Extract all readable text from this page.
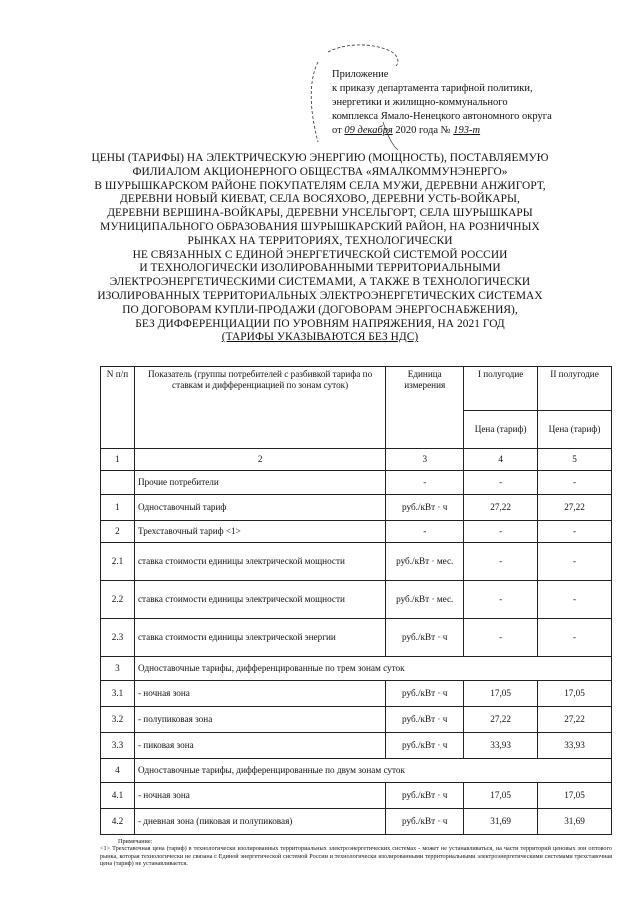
Приложение
к приказу департамента тарифной политики,
энергетики и жилищно-коммунального
комплекса Ямало-Ненецкого автономного округа
от 09 декабря 2020 года № 193-т
ЦЕНЫ (ТАРИФЫ) НА ЭЛЕКТРИЧЕСКУЮ ЭНЕРГИЮ (МОЩНОСТЬ), ПОСТАВЛЯЕМУЮ
ФИЛИАЛОМ АКЦИОНЕРНОГО ОБЩЕСТВА «ЯМАЛКОММУНЭНЕРГО»
В ШУРЫШКАРСКОМ РАЙОНЕ ПОКУПАТЕЛЯМ СЕЛА МУЖИ, ДЕРЕВНИ АНЖИГОРТ,
ДЕРЕВНИ НОВЫЙ КИЕВАТ, СЕЛА ВОСЯХОВО, ДЕРЕВНИ УСТЬ-ВОЙКАРЫ,
ДЕРЕВНИ ВЕРШИНА-ВОЙКАРЫ, ДЕРЕВНИ УНСЕЛЬГОРТ, СЕЛА ШУРЫШКАРЫ
МУНИЦИПАЛЬНОГО ОБРАЗОВАНИЯ ШУРЫШКАРСКИЙ РАЙОН, НА РОЗНИЧНЫХ
РЫНКАХ НА ТЕРРИТОРИЯХ, ТЕХНОЛОГИЧЕСКИ
НЕ СВЯЗАННЫХ С ЕДИНОЙ ЭНЕРГЕТИЧЕСКОЙ СИСТЕМОЙ РОССИИ
И ТЕХНОЛОГИЧЕСКИ ИЗОЛИРОВАННЫМИ ТЕРРИТОРИАЛЬНЫМИ
ЭЛЕКТРОЭНЕРГЕТИЧЕСКИМИ СИСТЕМАМИ, А ТАКЖЕ В ТЕХНОЛОГИЧЕСКИ
ИЗОЛИРОВАННЫХ ТЕРРИТОРИАЛЬНЫХ ЭЛЕКТРОЭНЕРГЕТИЧЕСКИХ СИСТЕМАХ
ПО ДОГОВОРАМ КУПЛИ-ПРОДАЖИ (ДОГОВОРАМ ЭНЕРГОСНАБЖЕНИЯ),
БЕЗ ДИФФЕРЕНЦИАЦИИ ПО УРОВНЯМ НАПРЯЖЕНИЯ, НА 2021 ГОД
(ТАРИФЫ УКАЗЫВАЮТСЯ БЕЗ НДС)
N п/п	Показатель (группы потребителей с разбивкой тарифа по ставкам и дифференциацией по зонам суток)	Единица измерения	I полугодие	II полугодие
			Цена (тариф)	Цена (тариф)
1	2	3	4	5
	Прочие потребители	-	-	-
1	Одноставочный тариф	руб./кВт · ч	27,22	27,22
2	Трехставочный тариф <1>	-	-	-
2.1	ставка стоимости единицы электрической мощности	руб./кВт · мес.	-	-
2.2	ставка стоимости единицы электрической мощности	руб./кВт · мес.	-	-
2.3	ставка стоимости единицы электрической энергии	руб./кВт · ч	-	-
3	Одноставочные тарифы, дифференцированные по трем зонам суток			
3.1	- ночная зона	руб./кВт · ч	17,05	17,05
3.2	- полупиковая зона	руб./кВт · ч	27,22	27,22
3.3	- пиковая зона	руб./кВт · ч	33,93	33,93
4	Одноставочные тарифы, дифференцированные по двум зонам суток			
4.1	- ночная зона	руб./кВт · ч	17,05	17,05
4.2	- дневная зона (пиковая и полупиковая)	руб./кВт · ч	31,69	31,69
Примечание:
<1> Трехставочная цена (тариф) в технологически изолированных территориальных электроэнергетических системах - может не устанавливаться, на части территорий ценовых зон оптового рынка, которая технологически не связана с Единой энергетической системой России и технологически изолированными территориальными электроэнергетическими системами трехставочная цена (тариф) не устанавливается.
